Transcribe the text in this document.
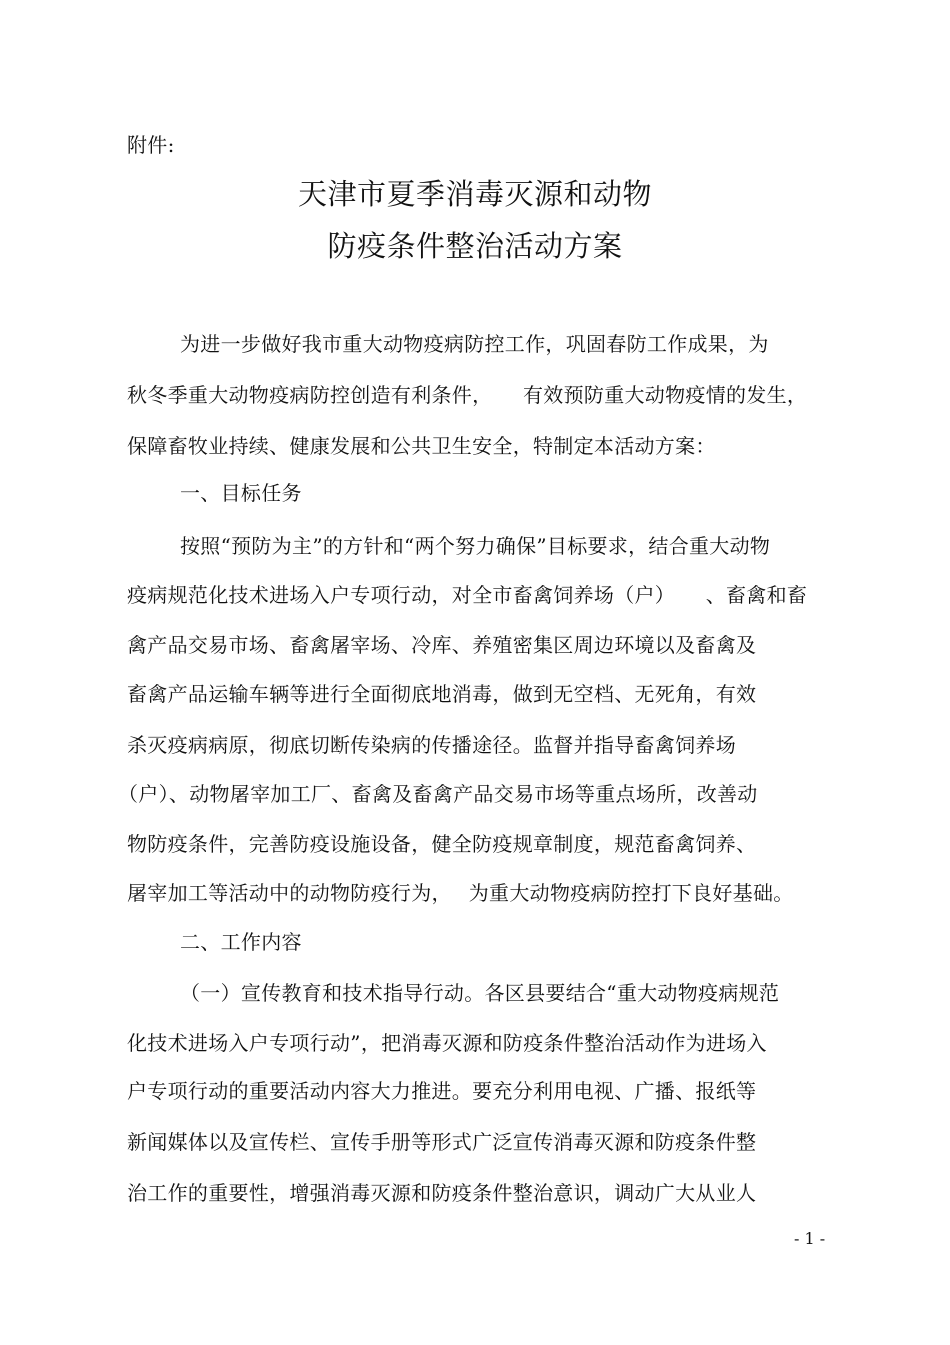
附件:
天津市夏季消毒灭源和动物
防疫条件整治活动方案
为进一步做好我市重大动物疫病防控工作，巩固春防工作成果，为
秋冬季重大动物疫病防控创造有利条件，　　有效预防重大动物疫情的发生，
保障畜牧业持续、健康发展和公共卫生安全，特制定本活动方案：
一、目标任务
按照“预防为主”的方针和“两个努力确保”目标要求，结合重大动物
疫病规范化技术进场入户专项行动，对全市畜禽饲养场（户）　　、畜禽和畜
禽产品交易市场、畜禽屠宰场、冷库、养殖密集区周边环境以及畜禽及
畜禽产品运输车辆等进行全面彻底地消毒，做到无空档、无死角，有效
杀灭疫病病原，彻底切断传染病的传播途径。监督并指导畜禽饲养场
（户）、动物屠宰加工厂、畜禽及畜禽产品交易市场等重点场所，改善动
物防疫条件，完善防疫设施设备，健全防疫规章制度，规范畜禽饲养、
屠宰加工等活动中的动物防疫行为，　 为重大动物疫病防控打下良好基础。
二、工作内容
（一）宣传教育和技术指导行动。各区县要结合“重大动物疫病规范
化技术进场入户专项行动”，把消毒灭源和防疫条件整治活动作为进场入
户专项行动的重要活动内容大力推进。要充分利用电视、广播、报纸等
新闻媒体以及宣传栏、宣传手册等形式广泛宣传消毒灭源和防疫条件整
治工作的重要性，增强消毒灭源和防疫条件整治意识，调动广大从业人
- 1 -
